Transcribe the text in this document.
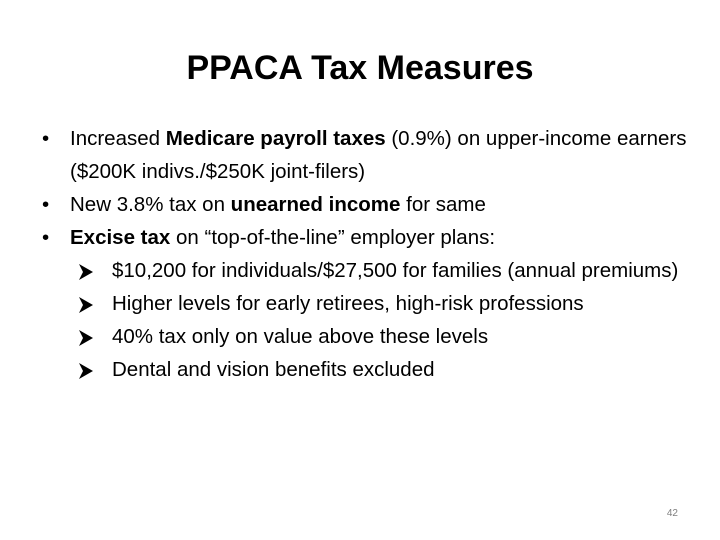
PPACA Tax Measures

• Increased Medicare payroll taxes (0.9%) on upper-income earners ($200K indivs./$250K joint-filers)

• New 3.8% tax on unearned income for same

• Excise tax on “top-of-the-line” employer plans:

$10,200 for individuals/$27,500 for families (annual premiums)

Higher levels for early retirees, high-risk professions

40% tax only on value above these levels

Dental and vision benefits excluded

42
